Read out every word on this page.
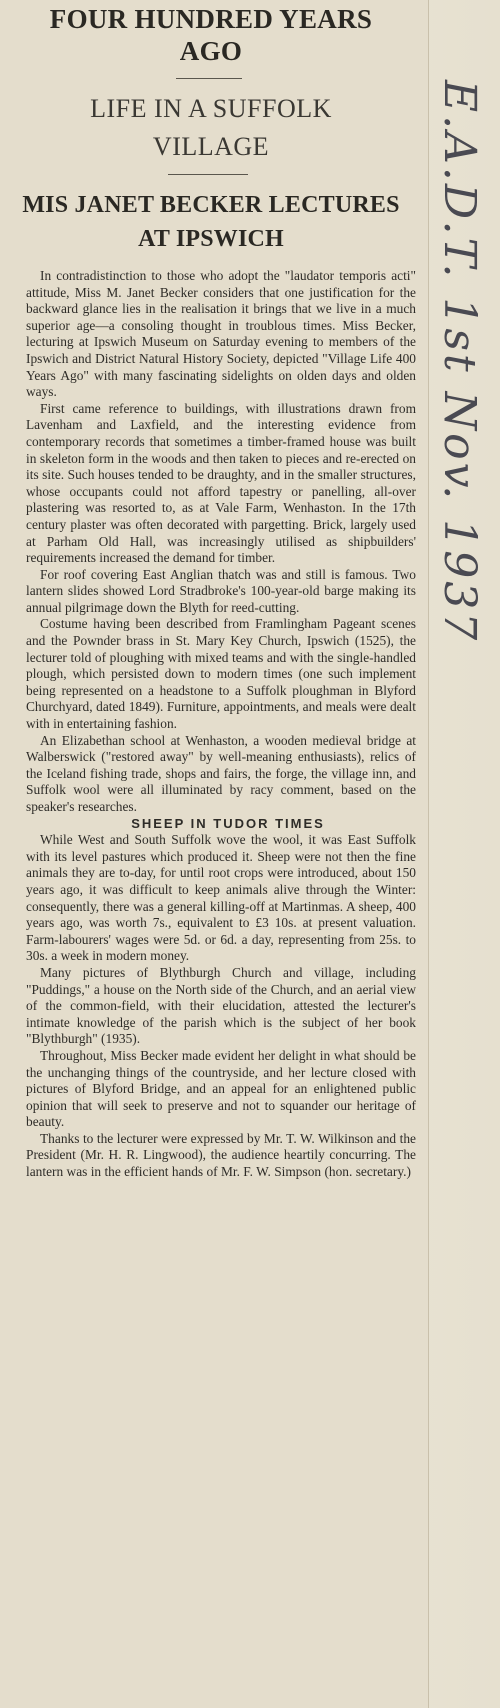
FOUR HUNDRED YEARS
AGO
LIFE IN A SUFFOLK
VILLAGE
MIS JANET BECKER LECTURES
AT IPSWICH

In contradistinction to those who adopt the "laudator temporis acti" attitude, Miss M. Janet Becker considers that one justification for the backward glance lies in the realisation it brings that we live in a much superior age—a consoling thought in troublous times. Miss Becker, lecturing at Ipswich Museum on Saturday evening to members of the Ipswich and District Natural History Society, depicted "Village Life 400 Years Ago" with many fascinating sidelights on olden days and olden ways.

First came reference to buildings, with illustrations drawn from Lavenham and Laxfield, and the interesting evidence from contemporary records that sometimes a timber-framed house was built in skeleton form in the woods and then taken to pieces and re-erected on its site. Such houses tended to be draughty, and in the smaller structures, whose occupants could not afford tapestry or panelling, all-over plastering was resorted to, as at Vale Farm, Wenhaston. In the 17th century plaster was often decorated with pargetting. Brick, largely used at Parham Old Hall, was increasingly utilised as shipbuilders' requirements increased the demand for timber.

For roof covering East Anglian thatch was and still is famous. Two lantern slides showed Lord Stradbroke's 100-year-old barge making its annual pilgrimage down the Blyth for reed-cutting.

Costume having been described from Framlingham Pageant scenes and the Pownder brass in St. Mary Key Church, Ipswich (1525), the lecturer told of ploughing with mixed teams and with the single-handled plough, which persisted down to modern times (one such implement being represented on a headstone to a Suffolk ploughman in Blyford Churchyard, dated 1849). Furniture, appointments, and meals were dealt with in entertaining fashion.

An Elizabethan school at Wenhaston, a wooden medieval bridge at Walberswick ("restored away" by well-meaning enthusiasts), relics of the Iceland fishing trade, shops and fairs, the forge, the village inn, and Suffolk wool were all illuminated by racy comment, based on the speaker's researches.

SHEEP IN TUDOR TIMES

While West and South Suffolk wove the wool, it was East Suffolk with its level pastures which produced it. Sheep were not then the fine animals they are to-day, for until root crops were introduced, about 150 years ago, it was difficult to keep animals alive through the Winter: consequently, there was a general killing-off at Martinmas. A sheep, 400 years ago, was worth 7s., equivalent to £3 10s. at present valuation. Farm-labourers' wages were 5d. or 6d. a day, representing from 25s. to 30s. a week in modern money.

Many pictures of Blythburgh Church and village, including "Puddings," a house on the North side of the Church, and an aerial view of the common-field, with their elucidation, attested the lecturer's intimate knowledge of the parish which is the subject of her book "Blythburgh" (1935).

Throughout, Miss Becker made evident her delight in what should be the unchanging things of the countryside, and her lecture closed with pictures of Blyford Bridge, and an appeal for an enlightened public opinion that will seek to preserve and not to squander our heritage of beauty.

Thanks to the lecturer were expressed by Mr. T. W. Wilkinson and the President (Mr. H. R. Lingwood), the audience heartily concurring. The lantern was in the efficient hands of Mr. F. W. Simpson (hon. secretary.)

E.A.D.T. 1st Nov. 1937
